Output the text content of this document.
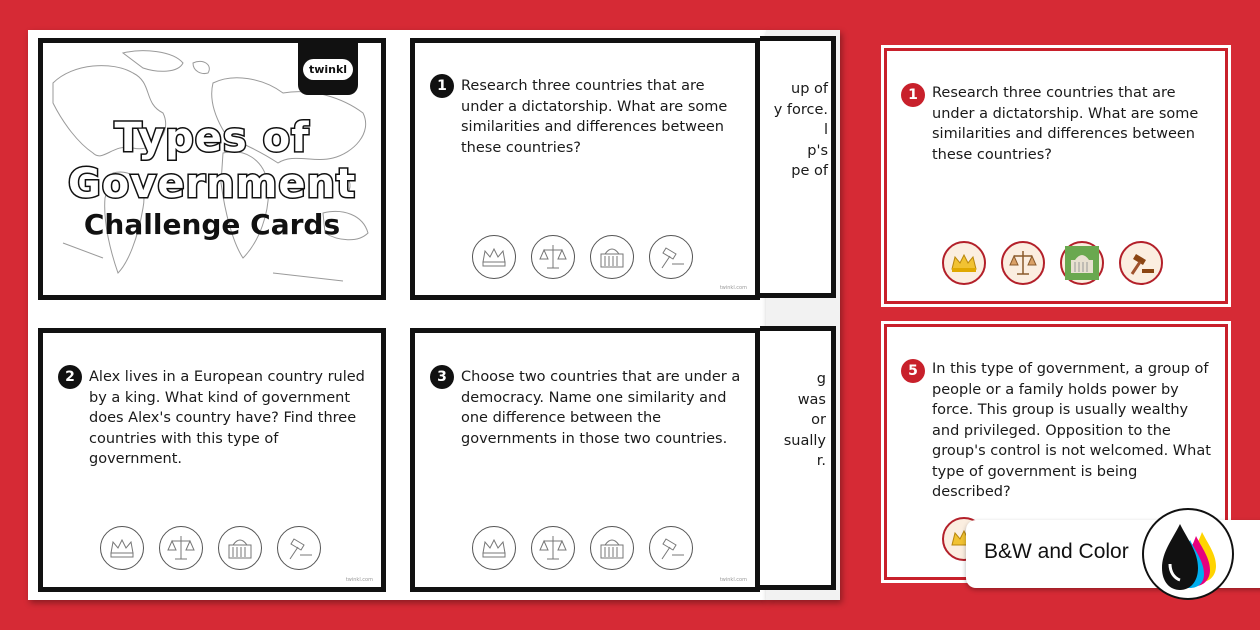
up of
y force.
l
p's
pe of
g
was
or
sually
r.
twinkl
Types of
Government
Challenge Cards
1 Research three countries that are under a dictatorship. What are some similarities and differences between these countries?
twinkl.com
2 Alex lives in a European country ruled by a king. What kind of government does Alex's country have? Find three countries with this type of government.
twinkl.com
3 Choose two countries that are under a democracy. Name one similarity and one difference between the governments in those two countries.
twinkl.com
1 Research three countries that are under a dictatorship. What are some similarities and differences between these countries?
5 In this type of government, a group of people or a family holds power by force. This group is usually wealthy and privileged. Opposition to the group's control is not welcomed. What type of government is being described?
B&W and Color
